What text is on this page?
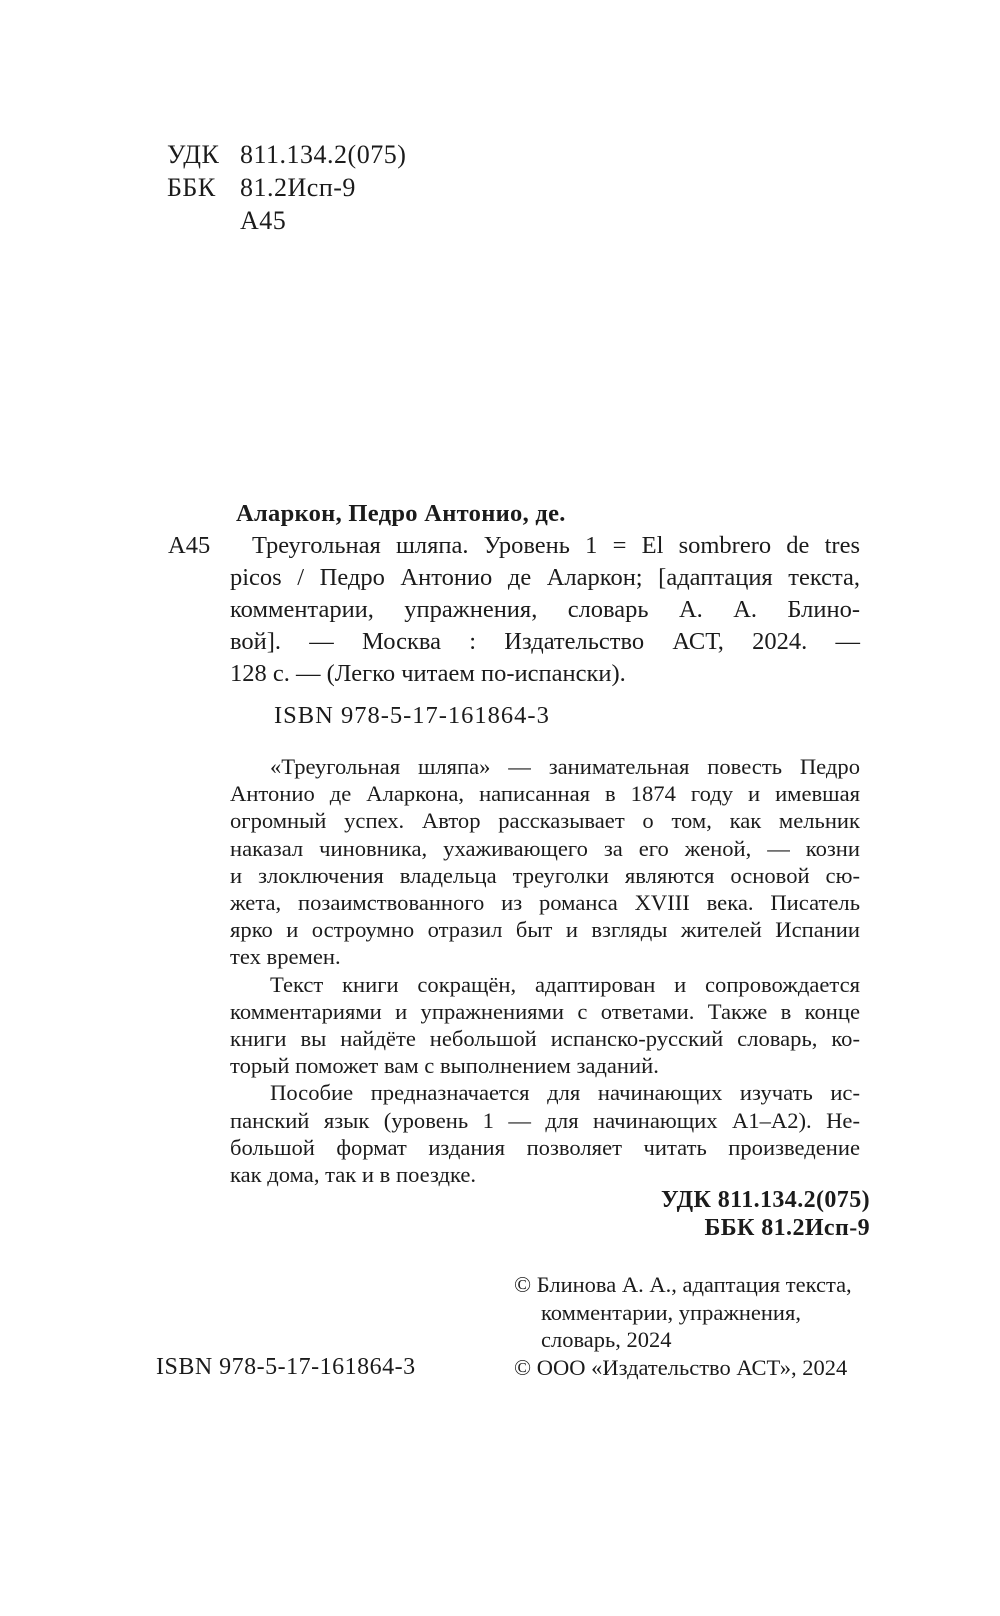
УДК 811.134.2(075)
ББК 81.2Исп-9
А45
Аларкон, Педро Антонио, де.
А45	Треугольная шляпа. Уровень 1 = El sombrero de tres
picos / Педро Антонио де Аларкон; [адаптация текста,
комментарии, упражнения, словарь А. А. Блино-
вой]. — Москва : Издательство АСТ, 2024. —
128 с. — (Легко читаем по-испански).
ISBN 978-5-17-161864-3
«Треугольная шляпа» — занимательная повесть Педро
Антонио де Аларкона, написанная в 1874 году и имевшая
огромный успех. Автор рассказывает о том, как мельник
наказал чиновника, ухаживающего за его женой, — козни
и злоключения владельца треуголки являются основой сю-
жета, позаимствованного из романса XVIII века. Писатель
ярко и остроумно отразил быт и взгляды жителей Испании
тех времен.
Текст книги сокращён, адаптирован и сопровождается
комментариями и упражнениями с ответами. Также в конце
книги вы найдёте небольшой испанско-русский словарь, ко-
торый поможет вам с выполнением заданий.
Пособие предназначается для начинающих изучать ис-
панский язык (уровень 1 — для начинающих А1–А2). Не-
большой формат издания позволяет читать произведение
как дома, так и в поездке.
УДК 811.134.2(075)
ББК 81.2Исп-9
© Блинова А. А., адаптация текста,
комментарии, упражнения,
словарь, 2024
© ООО «Издательство АСТ», 2024
ISBN 978-5-17-161864-3
